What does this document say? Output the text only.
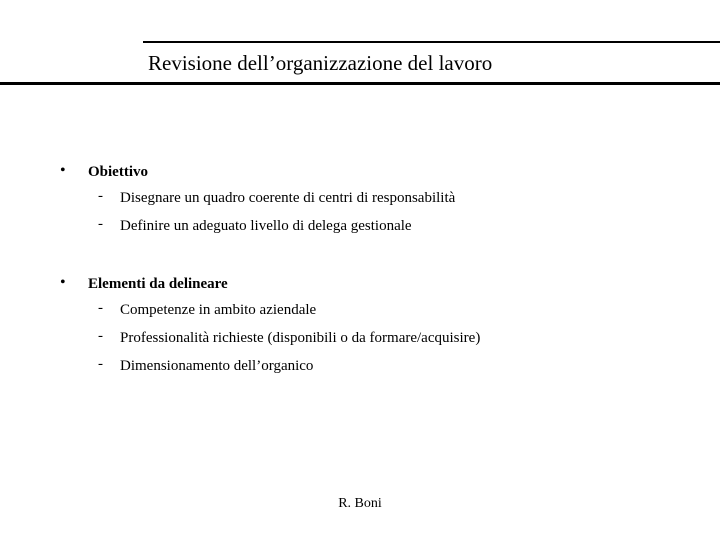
Revisione dell’organizzazione del lavoro
• Obiettivo
- Disegnare un quadro coerente di centri di responsabilità
- Definire un adeguato livello di delega gestionale
• Elementi da delineare
- Competenze in ambito aziendale
- Professionalità richieste (disponibili o da formare/acquisire)
- Dimensionamento dell’organico
R. Boni
